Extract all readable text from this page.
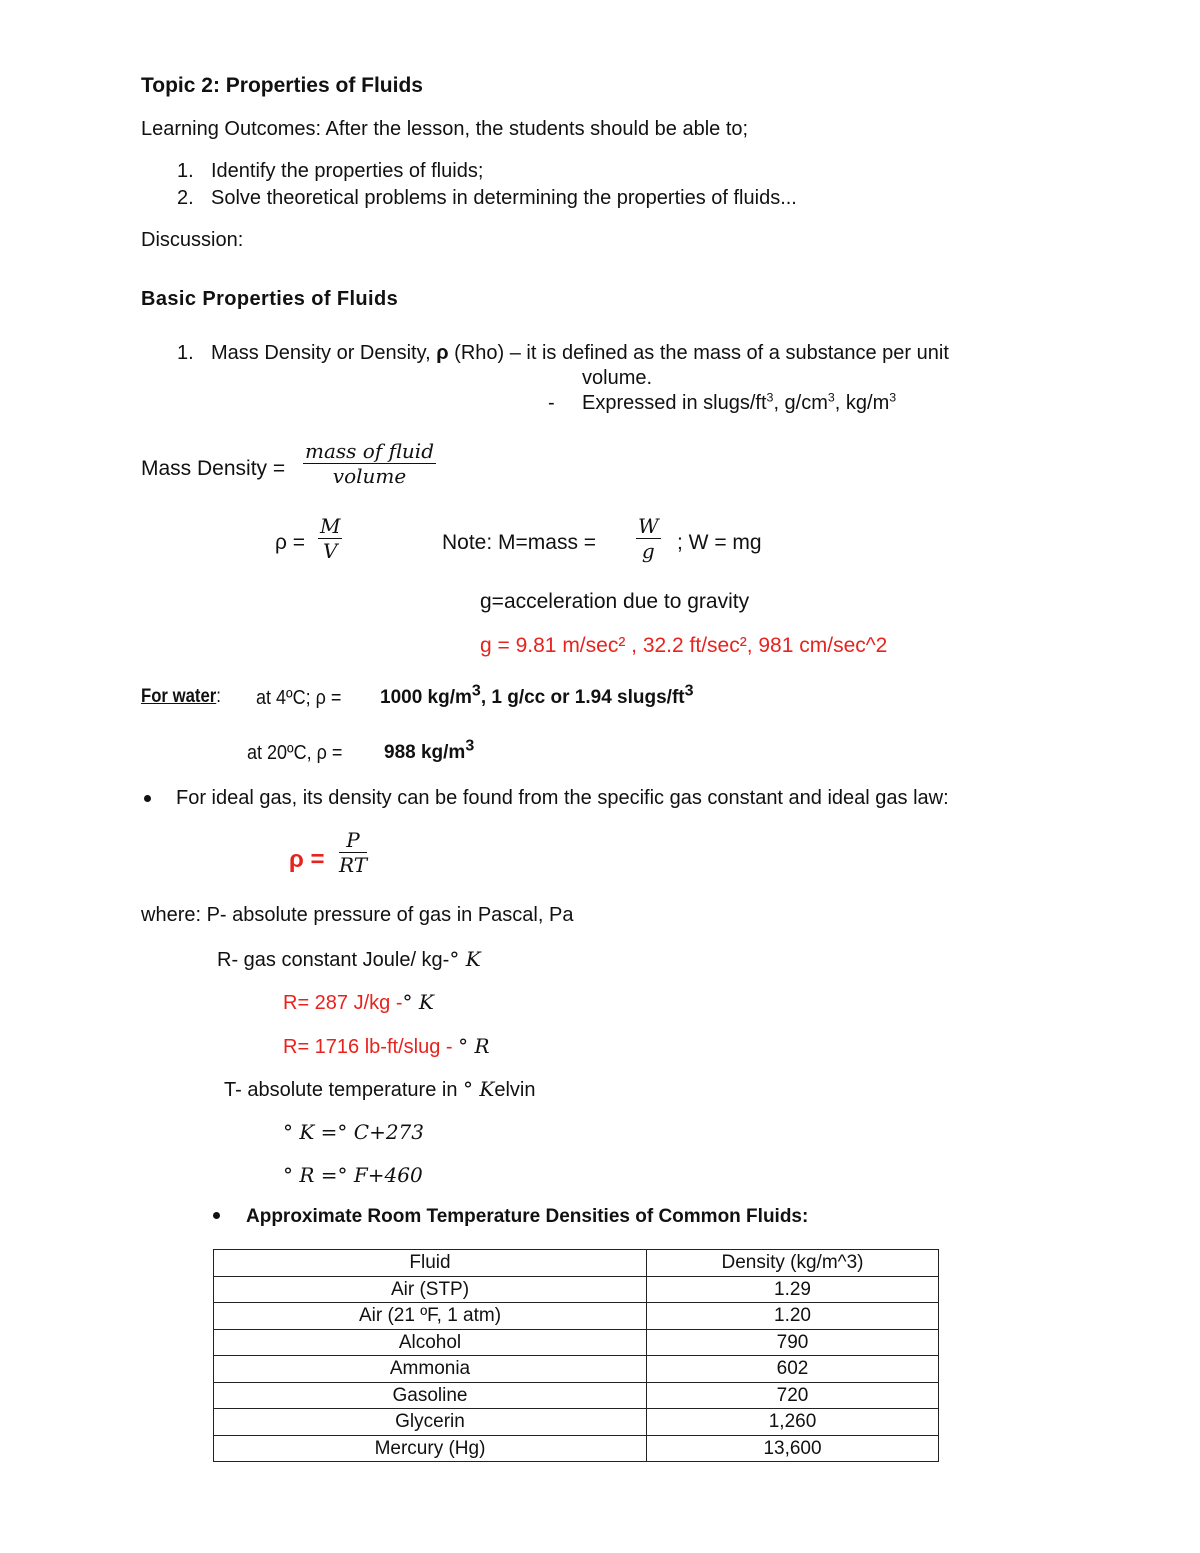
Topic 2: Properties of Fluids
Learning Outcomes: After the lesson, the students should be able to;
1. Identify the properties of fluids;
2. Solve theoretical problems in determining the properties of fluids...
Discussion:
Basic Properties of Fluids
1. Mass Density or Density, ρ (Rho) – it is defined as the mass of a substance per unit
volume.
- Expressed in slugs/$ft^3$, $g/cm^3$, $kg/m^3$
Mass Density =
mass of fluid
volume
$\rho = \frac{M}{V}$	Note: M=mass = $\frac{W}{g}$ ; W = mg
g=acceleration due to gravity
g = 9.81 m/sec² , 32.2 ft/sec², 981 cm/sec^2
For water: at 4ºC; ρ = 1000 $kg/m^3$, 1 g/cc or 1.94 slugs/$ft^3$
at 20ºC, ρ = 988 $kg/m^3$
For ideal gas, its density can be found from the specific gas constant and ideal gas law:
$\rho = \frac{P}{RT}$
where: P- absolute pressure of gas in Pascal, Pa
R- gas constant Joule/ kg-° K
R= 287 J/kg -° K
R= 1716 lb-ft/slug - ° R
T- absolute temperature in ° Kelvin
° K =° C+273
° R =° F+460
Approximate Room Temperature Densities of Common Fluids:
Fluid	Density (kg/m^3)
Air (STP)	1.29
Air (21 ºF, 1 atm)	1.20
Alcohol	790
Ammonia	602
Gasoline	720
Glycerin	1,260
Mercury (Hg)	13,600
